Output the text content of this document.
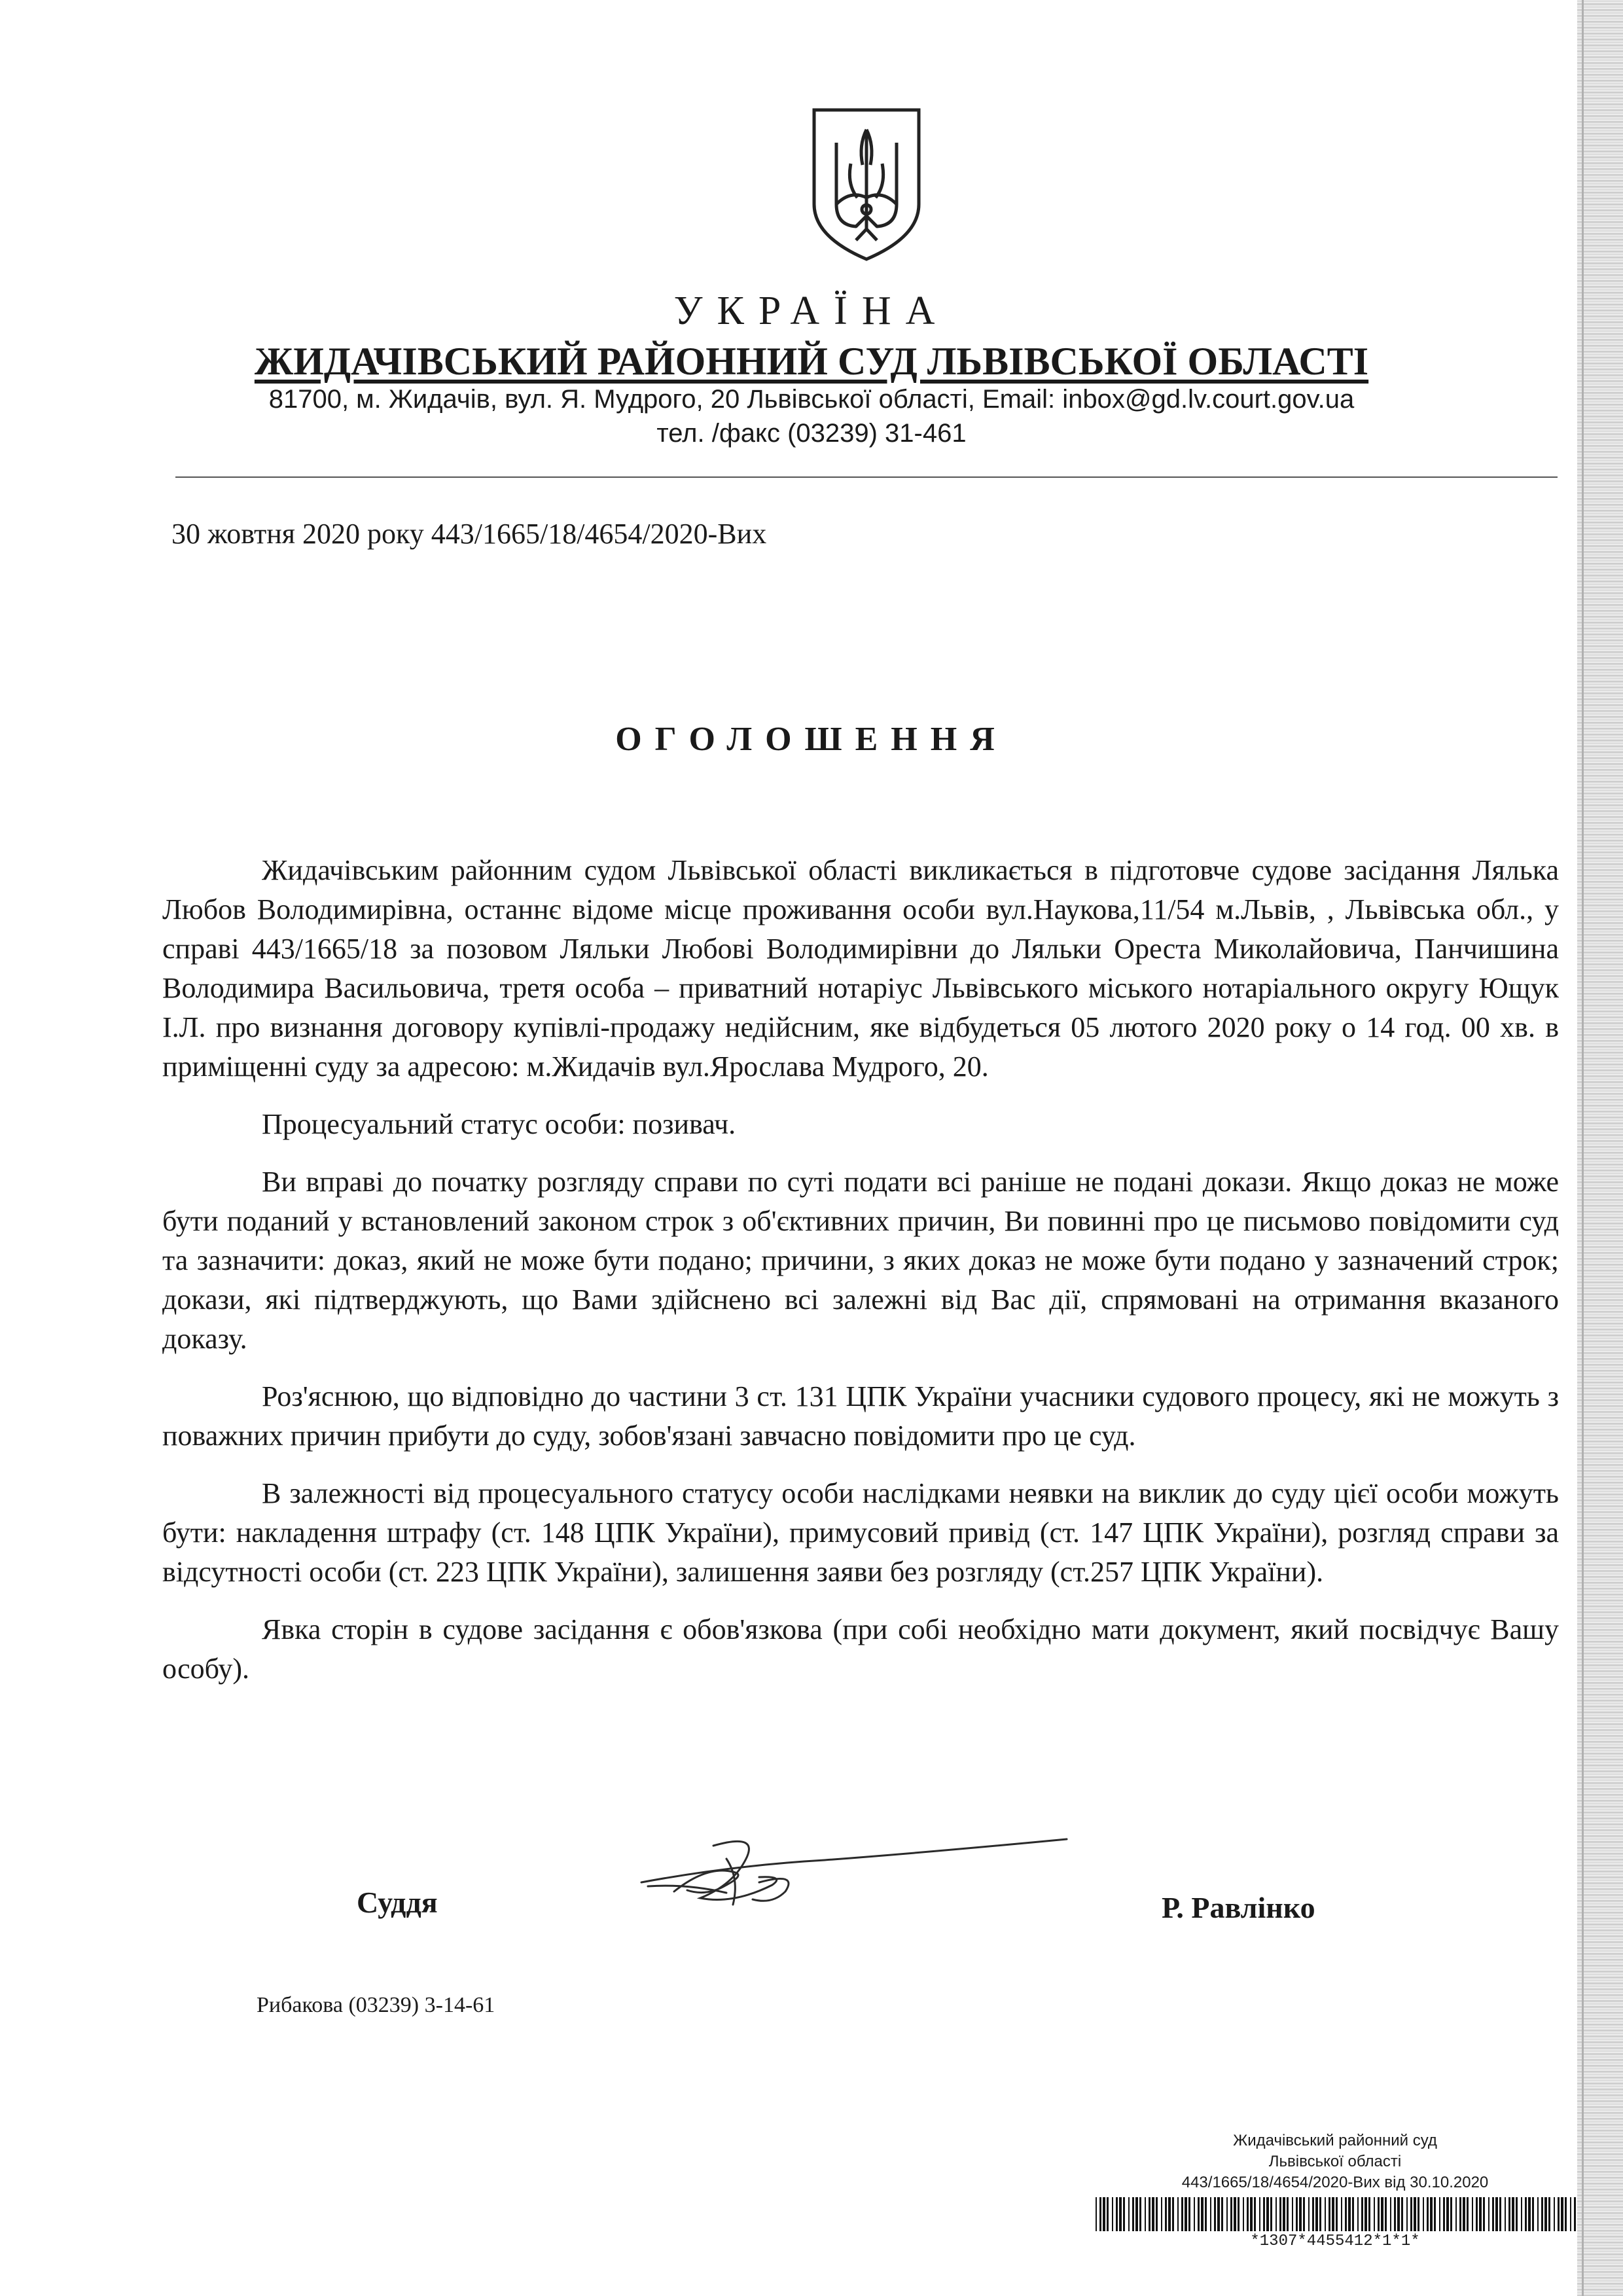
УКРАЇНА
ЖИДАЧІВСЬКИЙ РАЙОННИЙ СУД ЛЬВІВСЬКОЇ ОБЛАСТІ
81700, м. Жидачів, вул. Я. Мудрого, 20 Львівської області, Email: inbox@gd.lv.court.gov.ua
тел. /факс (03239) 31-461
30 жовтня 2020 року 443/1665/18/4654/2020-Вих
ОГОЛОШЕННЯ

Жидачівським районним судом Львівської області викликається в підготовче судове засідання Лялька Любов Володимирівна, останнє відоме місце проживання особи вул.Наукова,11/54 м.Львів, , Львівська обл., у справі 443/1665/18 за позовом Ляльки Любові Володимирівни до Ляльки Ореста Миколайовича, Панчишина Володимира Васильовича, третя особа – приватний нотаріус Львівського міського нотаріального округу Ющук І.Л. про визнання договору купівлі-продажу недійсним, яке відбудеться 05 лютого 2020 року о 14 год. 00 хв. в приміщенні суду за адресою: м.Жидачів вул.Ярослава Мудрого, 20.

Процесуальний статус особи: позивач.

Ви вправі до початку розгляду справи по суті подати всі раніше не подані докази. Якщо доказ не може бути поданий у встановлений законом строк з об'єктивних причин, Ви повинні про це письмово повідомити суд та зазначити: доказ, який не може бути подано; причини, з яких доказ не може бути подано у зазначений строк; докази, які підтверджують, що Вами здійснено всі залежні від Вас дії, спрямовані на отримання вказаного доказу.

Роз'яснюю, що відповідно до частини 3 ст. 131 ЦПК України учасники судового процесу, які не можуть з поважних причин прибути до суду, зобов'язані завчасно повідомити про це суд.

В залежності від процесуального статусу особи наслідками неявки на виклик до суду цієї особи можуть бути: накладення штрафу (ст. 148 ЦПК України), примусовий привід (ст. 147 ЦПК України), розгляд справи за відсутності особи (ст. 223 ЦПК України), залишення заяви без розгляду (ст.257 ЦПК України).

Явка сторін в судове засідання є обов'язкова (при собі необхідно мати документ, який посвідчує Вашу особу).

Суддя	Р. Равлінко
Рибакова (03239) 3-14-61
Жидачівський районний суд
Львівської області
443/1665/18/4654/2020-Вих від 30.10.2020
*1307*4455412*1*1*
